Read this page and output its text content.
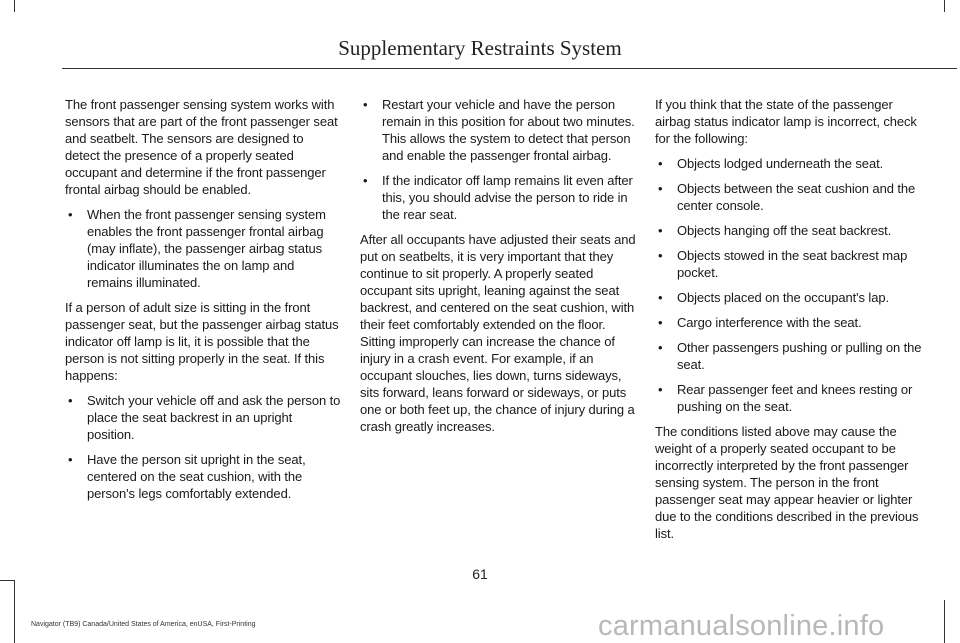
Supplementary Restraints System

The front passenger sensing system works with sensors that are part of the front passenger seat and seatbelt. The sensors are designed to detect the presence of a properly seated occupant and determine if the front passenger frontal airbag should be enabled.

• When the front passenger sensing system enables the front passenger frontal airbag (may inflate), the passenger airbag status indicator illuminates the on lamp and remains illuminated.

If a person of adult size is sitting in the front passenger seat, but the passenger airbag status indicator off lamp is lit, it is possible that the person is not sitting properly in the seat. If this happens:

• Switch your vehicle off and ask the person to place the seat backrest in an upright position.
• Have the person sit upright in the seat, centered on the seat cushion, with the person's legs comfortably extended.
• Restart your vehicle and have the person remain in this position for about two minutes. This allows the system to detect that person and enable the passenger frontal airbag.
• If the indicator off lamp remains lit even after this, you should advise the person to ride in the rear seat.

After all occupants have adjusted their seats and put on seatbelts, it is very important that they continue to sit properly. A properly seated occupant sits upright, leaning against the seat backrest, and centered on the seat cushion, with their feet comfortably extended on the floor. Sitting improperly can increase the chance of injury in a crash event. For example, if an occupant slouches, lies down, turns sideways, sits forward, leans forward or sideways, or puts one or both feet up, the chance of injury during a crash greatly increases.

If you think that the state of the passenger airbag status indicator lamp is incorrect, check for the following:

• Objects lodged underneath the seat.
• Objects between the seat cushion and the center console.
• Objects hanging off the seat backrest.
• Objects stowed in the seat backrest map pocket.
• Objects placed on the occupant's lap.
• Cargo interference with the seat.
• Other passengers pushing or pulling on the seat.
• Rear passenger feet and knees resting or pushing on the seat.

The conditions listed above may cause the weight of a properly seated occupant to be incorrectly interpreted by the front passenger sensing system. The person in the front passenger seat may appear heavier or lighter due to the conditions described in the previous list.

61
Navigator (TB9) Canada/United States of America, enUSA, First-Printing	carmanualsonline.info
